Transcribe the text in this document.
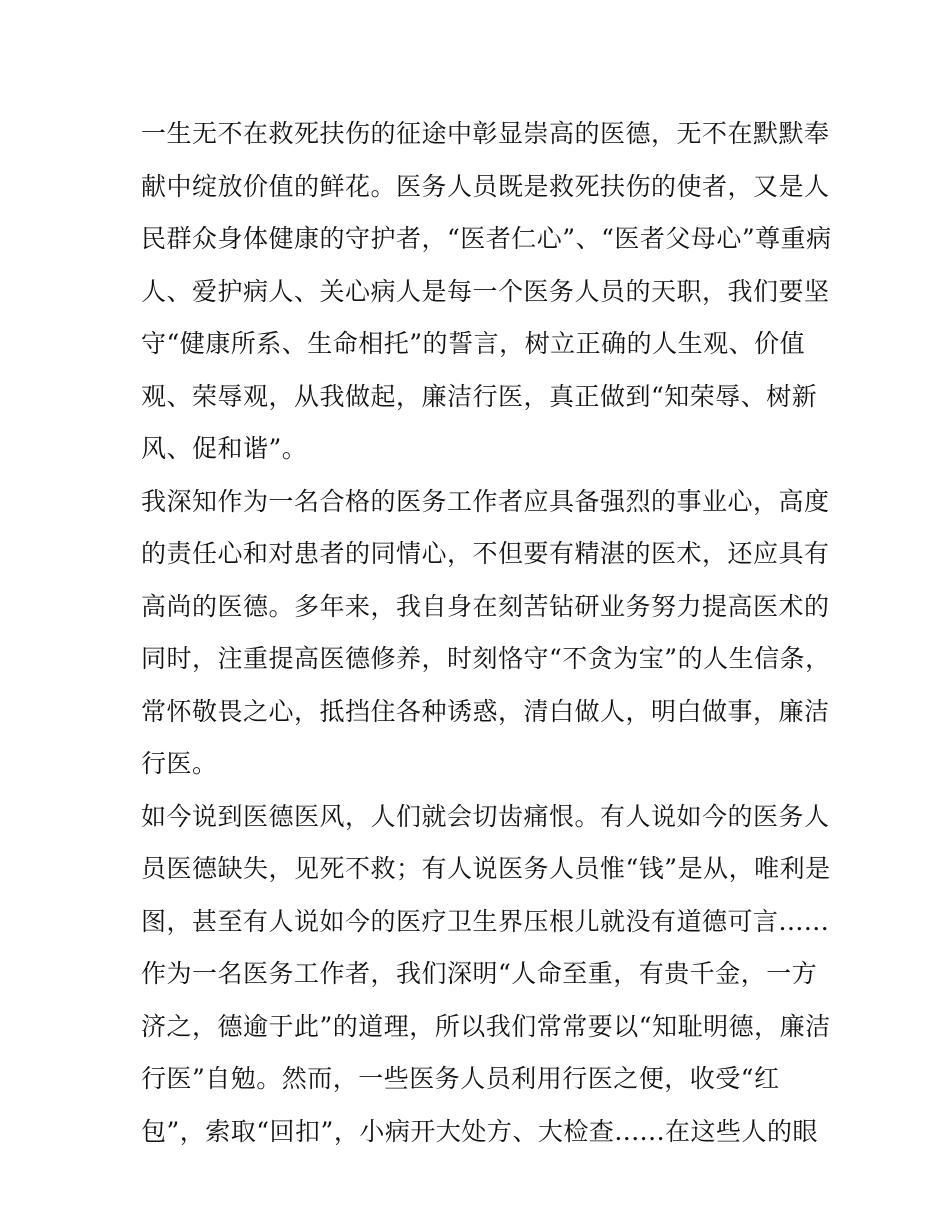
一生无不在救死扶伤的征途中彰显崇高的医德，无不在默默奉
献中绽放价值的鲜花。医务人员既是救死扶伤的使者，又是人
民群众身体健康的守护者，“医者仁心”、“医者父母心”尊重病
人、爱护病人、关心病人是每一个医务人员的天职，我们要坚
守“健康所系、生命相托”的誓言，树立正确的人生观、价值
观、荣辱观，从我做起，廉洁行医，真正做到“知荣辱、树新
风、促和谐”。
我深知作为一名合格的医务工作者应具备强烈的事业心，高度
的责任心和对患者的同情心，不但要有精湛的医术，还应具有
高尚的医德。多年来，我自身在刻苦钻研业务努力提高医术的
同时，注重提高医德修养，时刻恪守“不贪为宝”的人生信条，
常怀敬畏之心，抵挡住各种诱惑，清白做人，明白做事，廉洁
行医。
如今说到医德医风，人们就会切齿痛恨。有人说如今的医务人
员医德缺失，见死不救；有人说医务人员惟“钱”是从，唯利是
图，甚至有人说如今的医疗卫生界压根儿就没有道德可言......
作为一名医务工作者，我们深明“人命至重，有贵千金，一方
济之，德逾于此”的道理，所以我们常常要以“知耻明德，廉洁
行医”自勉。然而，一些医务人员利用行医之便，收受“红
包”，索取“回扣”，小病开大处方、大检查......在这些人的眼
